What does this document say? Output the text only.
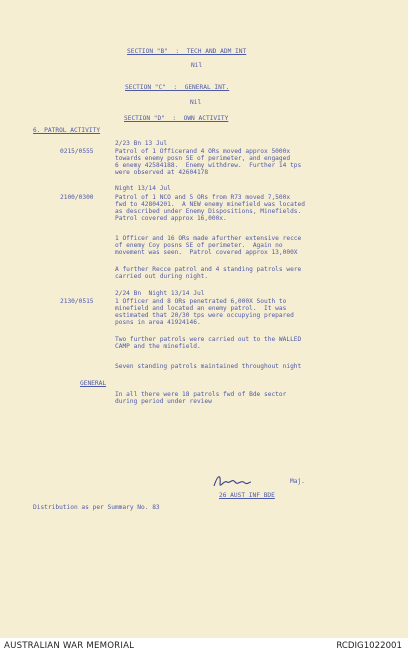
SECTION "B"  :  TECH AND ADM INT
Nil
SECTION "C"  :  GENERAL INT.
Nil
SECTION "D"  :  OWN ACTIVITY
6. PATROL ACTIVITY
2/23 Bn 13 Jul
0215/0555	Patrol of 1 Officerand 4 ORs moved approx 5000x
towards enemy posn SE of perimeter, and engaged
6 enemy 42584188.  Enemy withdrew.  Further 14 tps
were observed at 42604178
Night 13/14 Jul
2100/0300	Patrol of 1 NCO and 5 ORs from R73 moved 7,500x
fwd to 42804201.  A NEW enemy minefield was located
as described under Enemy Dispositions, Minefields.
Patrol covered approx 16,000x.
1 Officer and 16 ORs made afurther extensive recce
of enemy Coy posns SE of perimeter.  Again no
movement was seen.  Patrol covered approx 13,000X
A further Recce patrol and 4 standing patrols were
carried out during night.
2/24 Bn  Night 13/14 Jul
2130/0515	1 Officer and 8 ORs penetrated 6,000X South to
minefield and located an enemy patrol.  It was
estimated that 20/30 tps were occupying prepared
posns in area 41924146.
Two further patrols were carried out to the WALLED
CAMP and the minefield.
Seven standing patrols maintained throughout night
GENERAL
In all there were 18 patrols fwd of Bde sector
during period under review
Maj.
26 AUST INF BDE
Distribution as per Summary No. 83
AUSTRALIAN WAR MEMORIAL	RCDIG1022001
